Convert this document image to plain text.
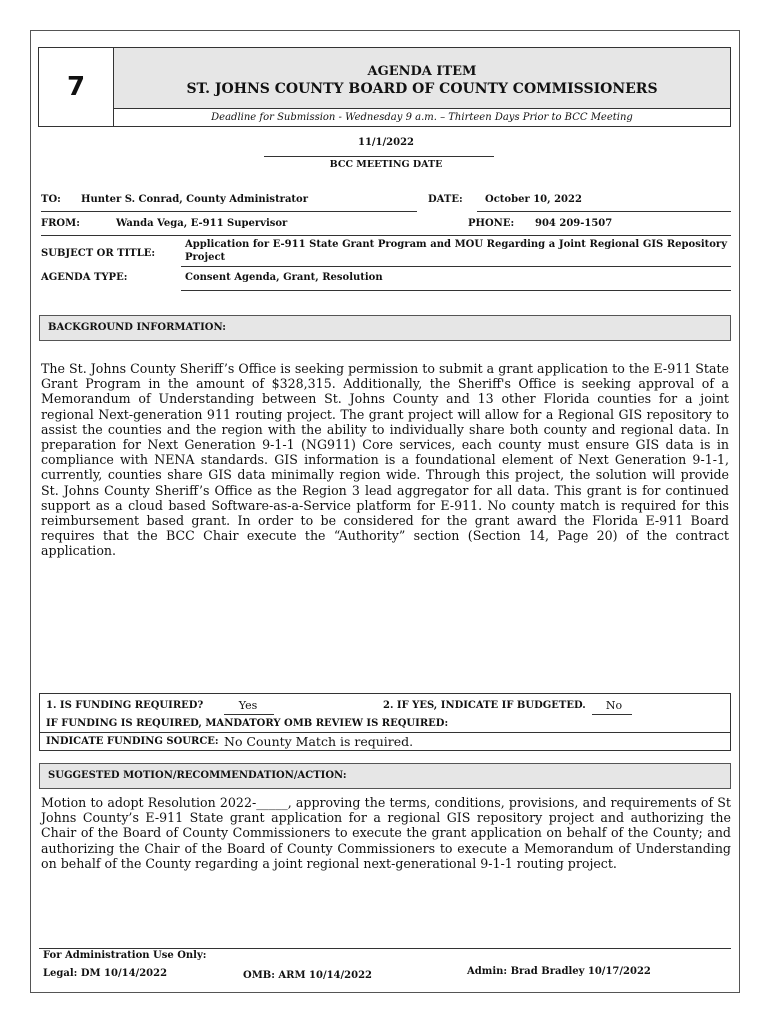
7
AGENDA ITEM
ST. JOHNS COUNTY BOARD OF COUNTY COMMISSIONERS
Deadline for Submission - Wednesday 9 a.m. – Thirteen Days Prior to BCC Meeting
11/1/2022
BCC MEETING DATE
TO: Hunter S. Conrad, County Administrator	DATE: October 10, 2022
FROM:	Wanda Vega, E-911 Supervisor	PHONE: 904 209-1507
SUBJECT OR TITLE:
Application for E-911 State Grant Program and MOU Regarding a Joint Regional GIS Repository Project
AGENDA TYPE:	Consent Agenda, Grant, Resolution
BACKGROUND INFORMATION:
The St. Johns County Sheriff’s Office is seeking permission to submit a grant application to the E-911 State Grant Program in the amount of $328,315. Additionally, the Sheriff's Office is seeking approval of a Memorandum of Understanding between St. Johns County and 13 other Florida counties for a joint regional Next-generation 911 routing project. The grant project will allow for a Regional GIS repository to assist the counties and the region with the ability to individually share both county and regional data. In preparation for Next Generation 9-1-1 (NG911) Core services, each county must ensure GIS data is in compliance with NENA standards. GIS information is a foundational element of Next Generation 9-1-1, currently, counties share GIS data minimally region wide. Through this project, the solution will provide St. Johns County Sheriff’s Office as the Region 3 lead aggregator for all data. This grant is for continued support as a cloud based Software-as-a-Service platform for E-911. No county match is required for this reimbursement based grant. In order to be considered for the grant award the Florida E-911 Board requires that the BCC Chair execute the “Authority” section (Section 14, Page 20) of the contract application.
1. IS FUNDING REQUIRED?	Yes	2. IF YES, INDICATE IF BUDGETED.	No
IF FUNDING IS REQUIRED, MANDATORY OMB REVIEW IS REQUIRED:
INDICATE FUNDING SOURCE: No County Match is required.
SUGGESTED MOTION/RECOMMENDATION/ACTION:
Motion to adopt Resolution 2022-_____, approving the terms, conditions, provisions, and requirements of St Johns County’s E-911 State grant application for a regional GIS repository project and authorizing the Chair of the Board of County Commissioners to execute the grant application on behalf of the County; and authorizing the Chair of the Board of County Commissioners to execute a Memorandum of Understanding on behalf of the County regarding a joint regional next-generational 9-1-1 routing project.
For Administration Use Only:
Legal: DM 10/14/2022	OMB: ARM 10/14/2022	Admin: Brad Bradley 10/17/2022
